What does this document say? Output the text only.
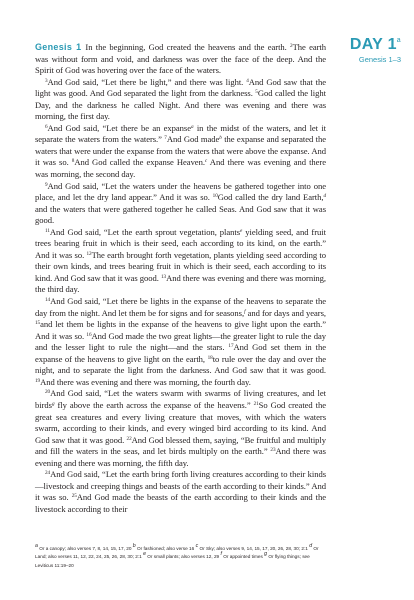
DAY 1$^a$
Genesis 1–3

Genesis 1 In the beginning, God created the heavens and the earth. $^2$The earth was without form and void, and darkness was over the face of the deep. And the Spirit of God was hovering over the face of the waters.

$^3$And God said, “Let there be light,” and there was light. $^4$And God saw that the light was good. And God separated the light from the darkness. $^5$God called the light Day, and the darkness he called Night. And there was evening and there was morning, the first day.

$^6$And God said, “Let there be an expanse$^a$ in the midst of the waters, and let it separate the waters from the waters.” $^7$And God made$^b$ the expanse and separated the waters that were under the expanse from the waters that were above the expanse. And it was so. $^8$And God called the expanse Heaven.$^c$ And there was evening and there was morning, the second day.

$^9$And God said, “Let the waters under the heavens be gathered together into one place, and let the dry land appear.” And it was so. $^{10}$God called the dry land Earth,$^d$ and the waters that were gathered together he called Seas. And God saw that it was good.

$^{11}$And God said, “Let the earth sprout vegetation, plants$^e$ yielding seed, and fruit trees bearing fruit in which is their seed, each according to its kind, on the earth.” And it was so. $^{12}$The earth brought forth vegetation, plants yielding seed according to their own kinds, and trees bearing fruit in which is their seed, each according to its kind. And God saw that it was good. $^{13}$And there was evening and there was morning, the third day.

$^{14}$And God said, “Let there be lights in the expanse of the heavens to separate the day from the night. And let them be for signs and for seasons,$^f$ and for days and years, $^{15}$and let them be lights in the expanse of the heavens to give light upon the earth.” And it was so. $^{16}$And God made the two great lights—the greater light to rule the day and the lesser light to rule the night—and the stars. $^{17}$And God set them in the expanse of the heavens to give light on the earth, $^{18}$to rule over the day and over the night, and to separate the light from the darkness. And God saw that it was good. $^{19}$And there was evening and there was morning, the fourth day.

$^{20}$And God said, “Let the waters swarm with swarms of living creatures, and let birds$^g$ fly above the earth across the expanse of the heavens.” $^{21}$So God created the great sea creatures and every living creature that moves, with which the waters swarm, according to their kinds, and every winged bird according to its kind. And God saw that it was good. $^{22}$And God blessed them, saying, “Be fruitful and multiply and fill the waters in the seas, and let birds multiply on the earth.” $^{23}$And there was evening and there was morning, the fifth day.

$^{24}$And God said, “Let the earth bring forth living creatures according to their kinds—livestock and creeping things and beasts of the earth according to their kinds.” And it was so. $^{25}$And God made the beasts of the earth according to their kinds and the livestock according to their

$^a$ Or a canopy; also verses 7, 8, 14, 15, 17, 20 $^b$ Or fashioned; also verse 16 $^c$ Or Sky; also verses 9, 14, 15, 17, 20, 26, 28, 30; 2:1 $^d$ Or Land; also verses 11, 12, 22, 24, 25, 26, 28, 30; 2:1 $^e$ Or small plants; also verses 12, 29 $^f$ Or appointed times $^g$ Or flying things; see Leviticus 11:19–20
